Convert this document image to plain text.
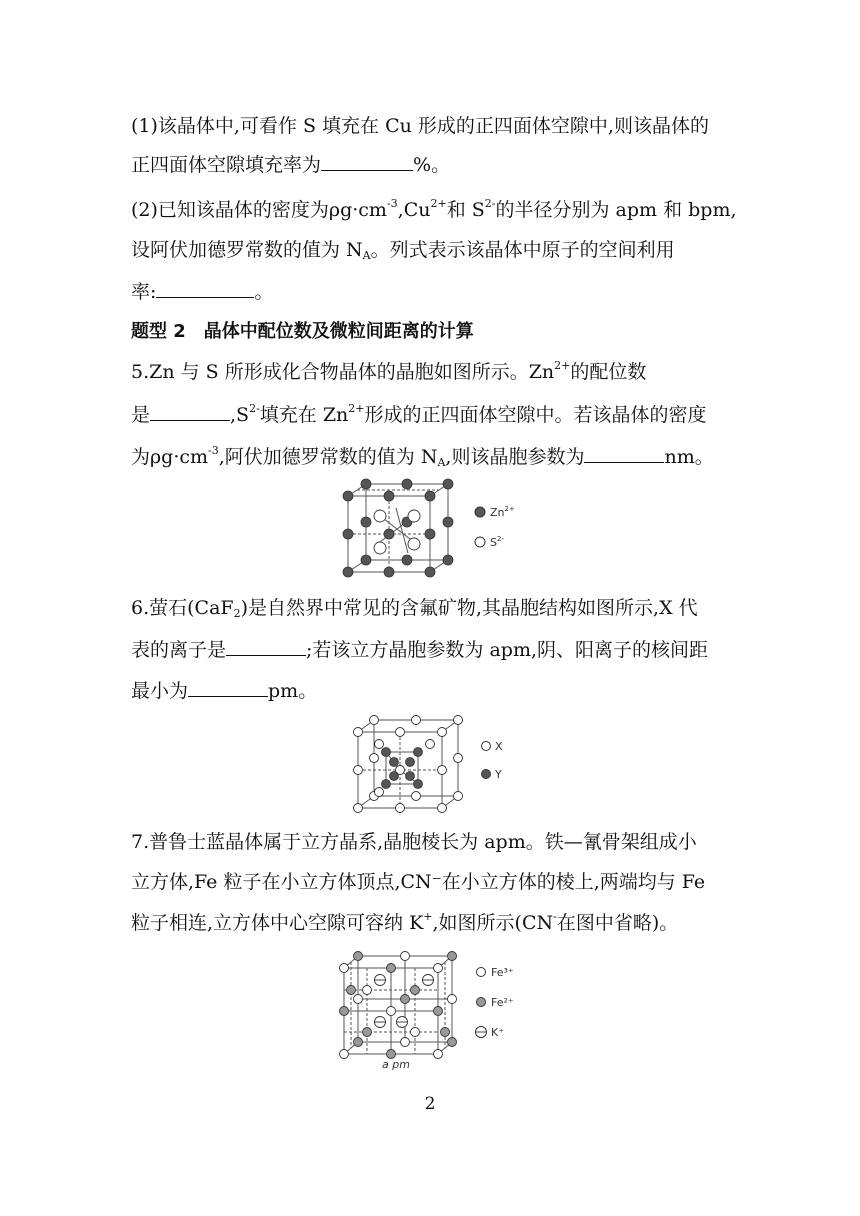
(1)该晶体中,可看作 S 填充在 Cu 形成的正四面体空隙中,则该晶体的
正四面体空隙填充率为	%。
(2)已知该晶体的密度为$\rho g\cdot cm^{-3},Cu^{2+}$和 $S^{2-}$的半径分别为 apm 和 bpm,
设阿伏加德罗常数的值为 $N_A$。列式表示该晶体中原子的空间利用
率:	。
题型 2　晶体中配位数及微粒间距离的计算
5.Zn 与 S 所形成化合物晶体的晶胞如图所示。$Zn^{2+}$的配位数
是	$,S^{2-}$填充在 $Zn^{2+}$形成的正四面体空隙中。若该晶体的密度
为$\rho g\cdot cm^{-3}$,阿伏加德罗常数的值为 $N_A$,则该晶胞参数为	nm。
$Zn^{2+}$
$S^{2-}$
6.萤石(CaF$_2$)是自然界中常见的含氟矿物,其晶胞结构如图所示,X 代
表的离子是	;若该立方晶胞参数为 apm,阴、阳离子的核间距
最小为	pm。
X
Y
7.普鲁士蓝晶体属于立方晶系,晶胞棱长为 apm。铁—氰骨架组成小
立方体,Fe 粒子在小立方体顶点,CN⁻在小立方体的棱上,两端均与 Fe
粒子相连,立方体中心空隙可容纳 K+,如图所示(CN-在图中省略)。
a pm
Fe³⁺
Fe²⁺
K⁺
2
